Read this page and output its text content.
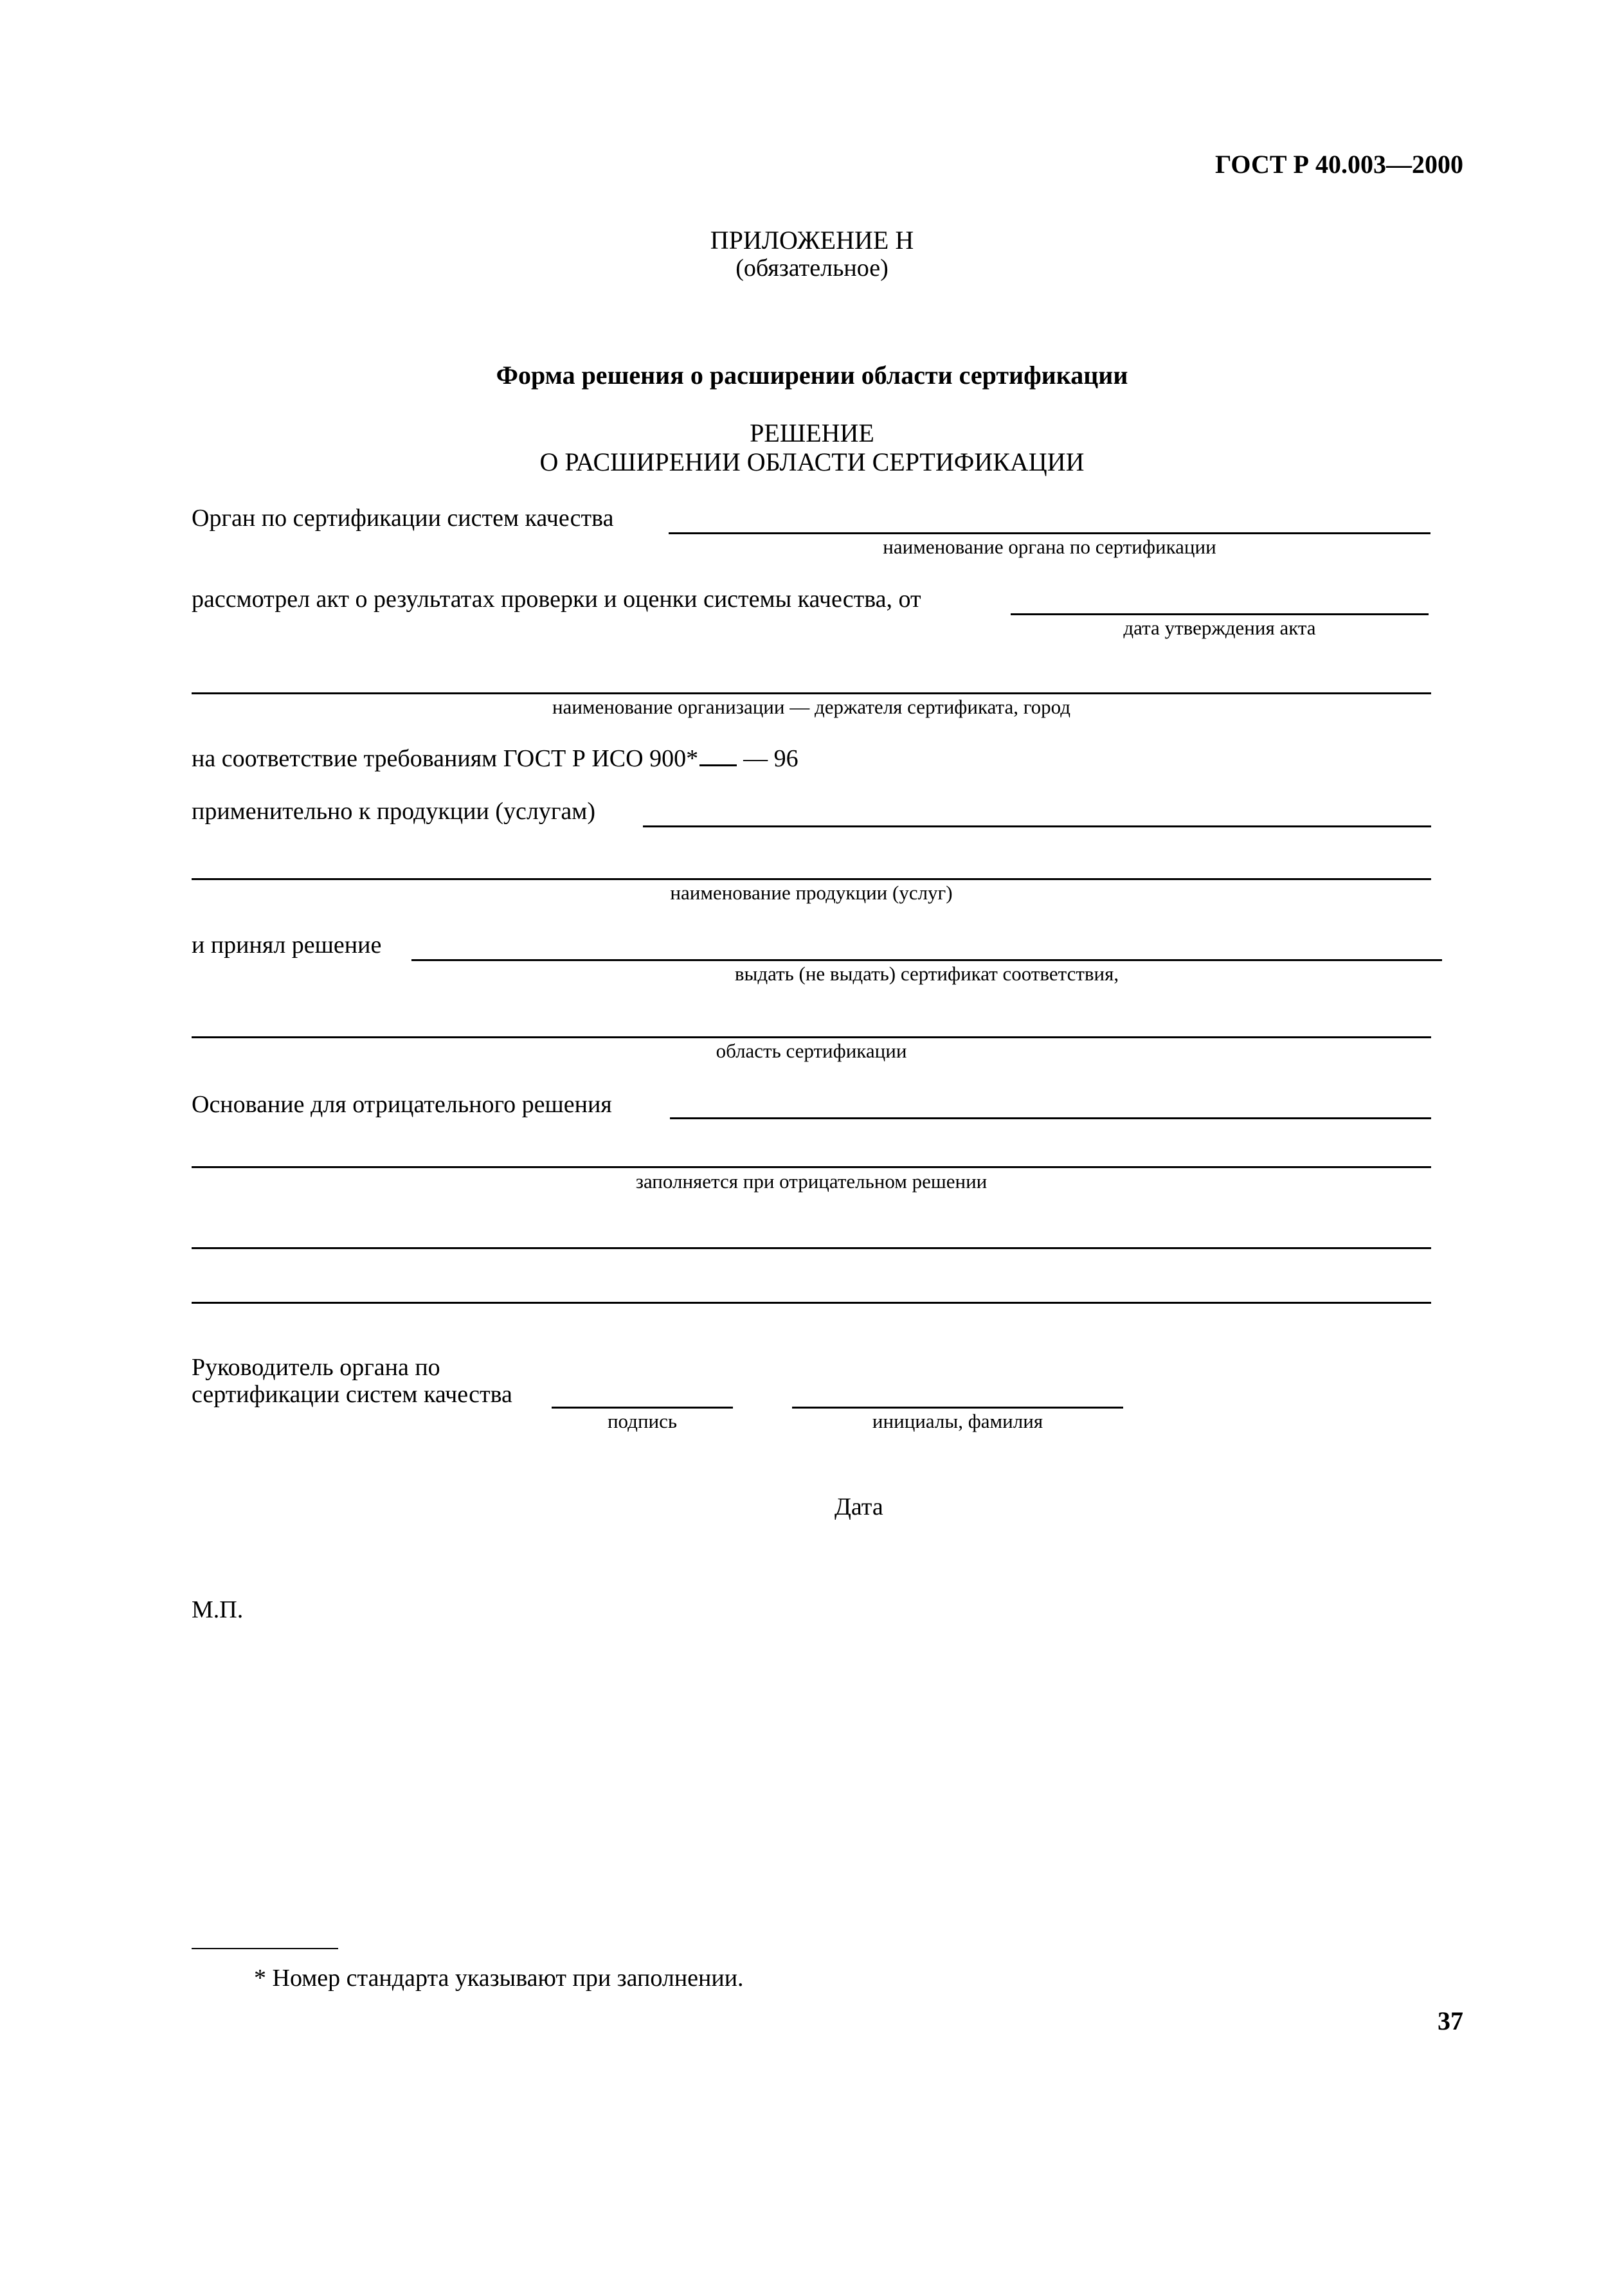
ГОСТ Р 40.003—2000
ПРИЛОЖЕНИЕ Н
(обязательное)
Форма решения о расширении области сертификации
РЕШЕНИЕ
О РАСШИРЕНИИ ОБЛАСТИ СЕРТИФИКАЦИИ
Орган по сертификации систем качества
наименование органа по сертификации
рассмотрел акт о результатах проверки и оценки системы качества, от
дата утверждения акта
наименование организации — держателя сертификата, город
на соответствие требованиям ГОСТ Р ИСО 900* — 96
применительно к продукции (услугам)
наименование продукции (услуг)
и принял решение
выдать (не выдать) сертификат соответствия,
область сертификации
Основание для отрицательного решения
заполняется при отрицательном решении
Руководитель органа по
сертификации систем качества
подпись	инициалы, фамилия
Дата
М.П.
* Номер стандарта указывают при заполнении.
37
